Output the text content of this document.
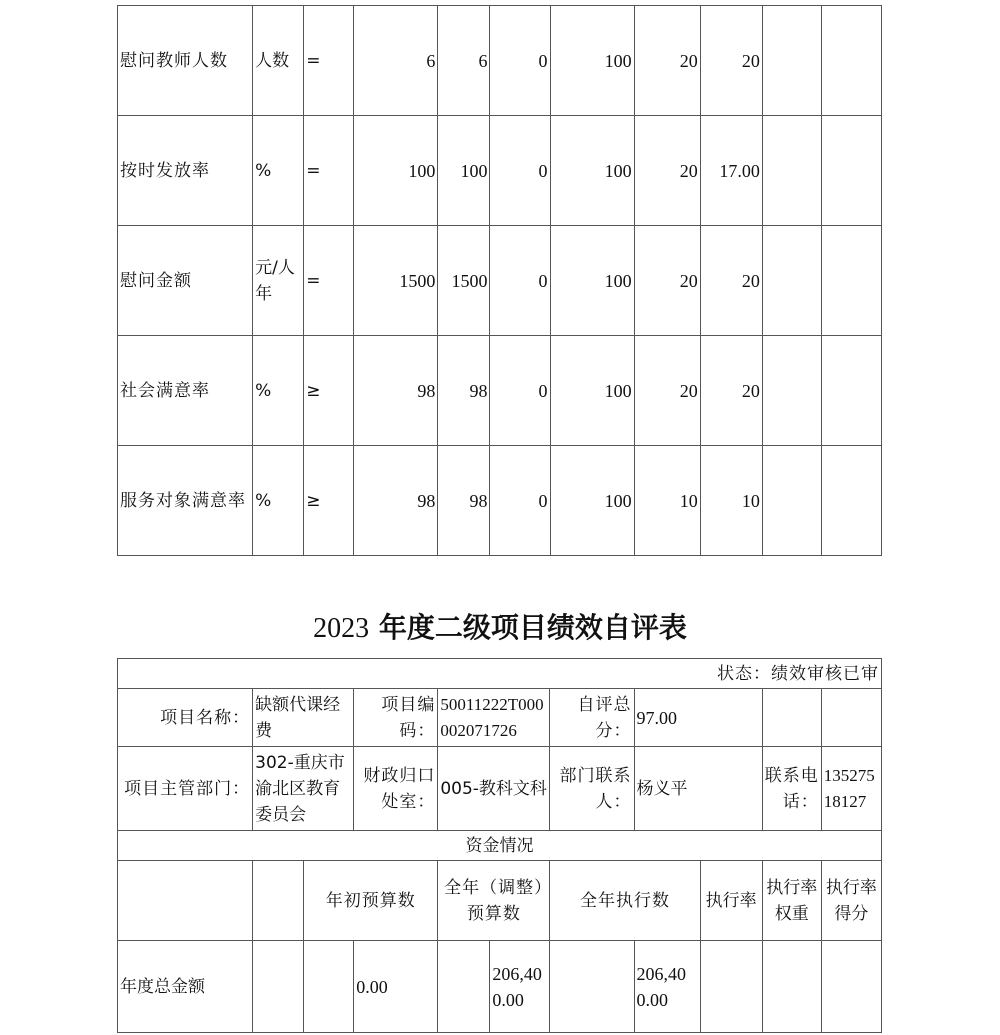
慰问教师人数	人数	=	6	6	0	100	20	20		
按时发放率	%	=	100	100	0	100	20	17.00		
慰问金额	元/人年	=	1500	1500	0	100	20	20		
社会满意率	%	≥	98	98	0	100	20	20		
服务对象满意率	%	≥	98	98	0	100	10	10		
2023 年度二级项目绩效自评表
状态：绩效审核已审										
项目名称：	缺额代课经费		项目编码：	50011222T000002071726		自评总分：	97.00			
项目主管部门：	302-重庆市渝北区教育委员会		财政归口处室：	005-教科文科		部门联系人：	杨义平		联系电话：	13527518127
资金情况										
		年初预算数		全年（调整）预算数		全年执行数		执行率	执行率权重	执行率得分
年度总金额			0.00		206,400.00		206,400.00			
